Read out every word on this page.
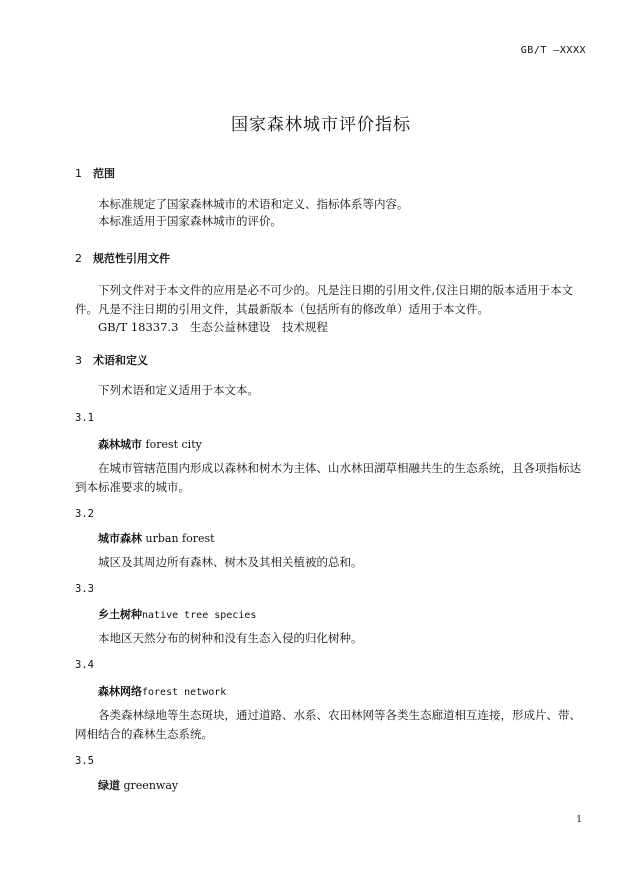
GB/T —XXXX
国家森林城市评价指标
1 范围
本标准规定了国家森林城市的术语和定义、指标体系等内容。
本标准适用于国家森林城市的评价。
2 规范性引用文件
下列文件对于本文件的应用是必不可少的。凡是注日期的引用文件,仅注日期的版本适用于本文件。凡是不注日期的引用文件，其最新版本（包括所有的修改单）适用于本文件。
GB/T 18337.3　生态公益林建设　技术规程
3 术语和定义
下列术语和定义适用于本文本。
3.1
森林城市 forest city
在城市管辖范围内形成以森林和树木为主体、山水林田湖草相融共生的生态系统，且各项指标达到本标准要求的城市。
3.2
城市森林 urban forest
城区及其周边所有森林、树木及其相关植被的总和。
3.3
乡土树种native tree species
本地区天然分布的树种和没有生态入侵的归化树种。
3.4
森林网络forest network
各类森林绿地等生态斑块，通过道路、水系、农田林网等各类生态廊道相互连接，形成片、带、网相结合的森林生态系统。
3.5
绿道 greenway
1
